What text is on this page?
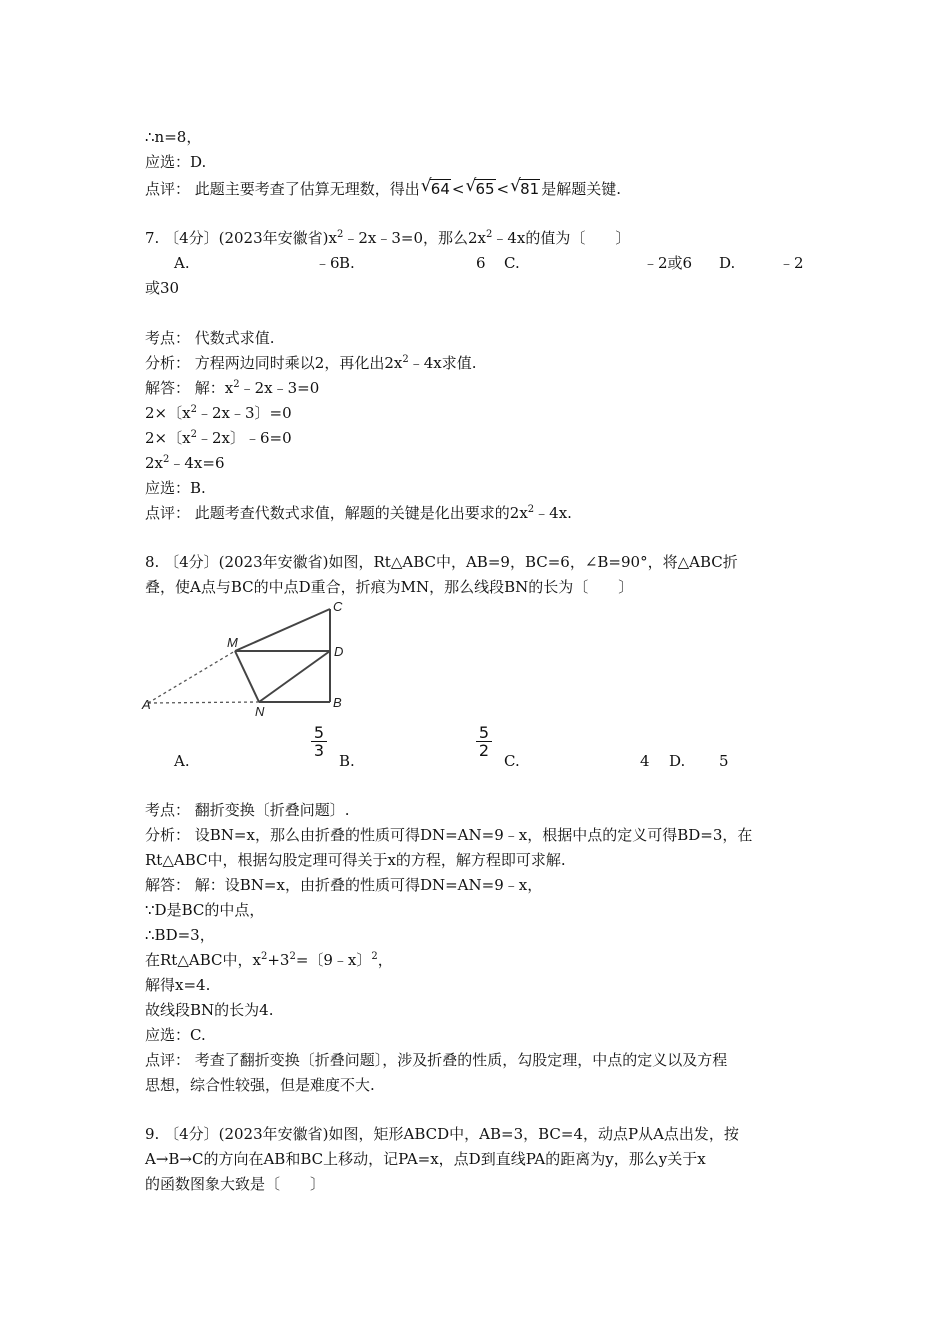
∴n=8，
应选：D.
点评： 此题主要考查了估算无理数，得出 √ 64 < √ 65 < √ 81 是解题关键.
7. 〔4分〕(2023年安徽省)$x^2﹣2x﹣3=0$，那么$2x^2﹣4x$的值为〔　　〕
A.	﹣6 B.	6 C.	﹣2或6 D.	﹣2
或30
考点： 代数式求值.
分析： 方程两边同时乘以2，再化出$2x^2﹣4x$求值.
解答： 解：$x^2﹣2x﹣3=0$
2×〔$x^2﹣2x﹣3$〕=0
2×〔$x^2﹣2x$〕﹣6=0
$2x^2﹣4x=6$
应选：B.
点评： 此题考查代数式求值，解题的关键是化出要求的$2x^2﹣4x$.
8. 〔4分〕(2023年安徽省)如图，Rt△ABC中，AB=9，BC=6，∠B=90°，将△ABC折
叠，使A点与BC的中点D重合，折痕为MN，那么线段BN的长为〔　　〕
A
M
C
D
B
N
A.
$\frac{5}{3}$
B.
$\frac{5}{2}$
C.	4 D. 5
考点： 翻折变换〔折叠问题〕.
分析： 设BN=x，那么由折叠的性质可得DN=AN=9﹣x，根据中点的定义可得BD=3，在
Rt△ABC中，根据勾股定理可得关于x的方程，解方程即可求解.
解答： 解：设BN=x，由折叠的性质可得DN=AN=9﹣x，
∵D是BC的中点，
∴BD=3，
在Rt△ABC中，$x^2+3^2=$〔9﹣x〕$^2$，
解得x=4.
故线段BN的长为4.
应选：C.
点评： 考查了翻折变换〔折叠问题〕，涉及折叠的性质，勾股定理，中点的定义以及方程
思想，综合性较强，但是难度不大.
9. 〔4分〕(2023年安徽省)如图，矩形ABCD中，AB=3，BC=4，动点P从A点出发，按
A→B→C的方向在AB和BC上移动，记PA=x，点D到直线PA的距离为y，那么y关于x
的函数图象大致是〔　　〕
